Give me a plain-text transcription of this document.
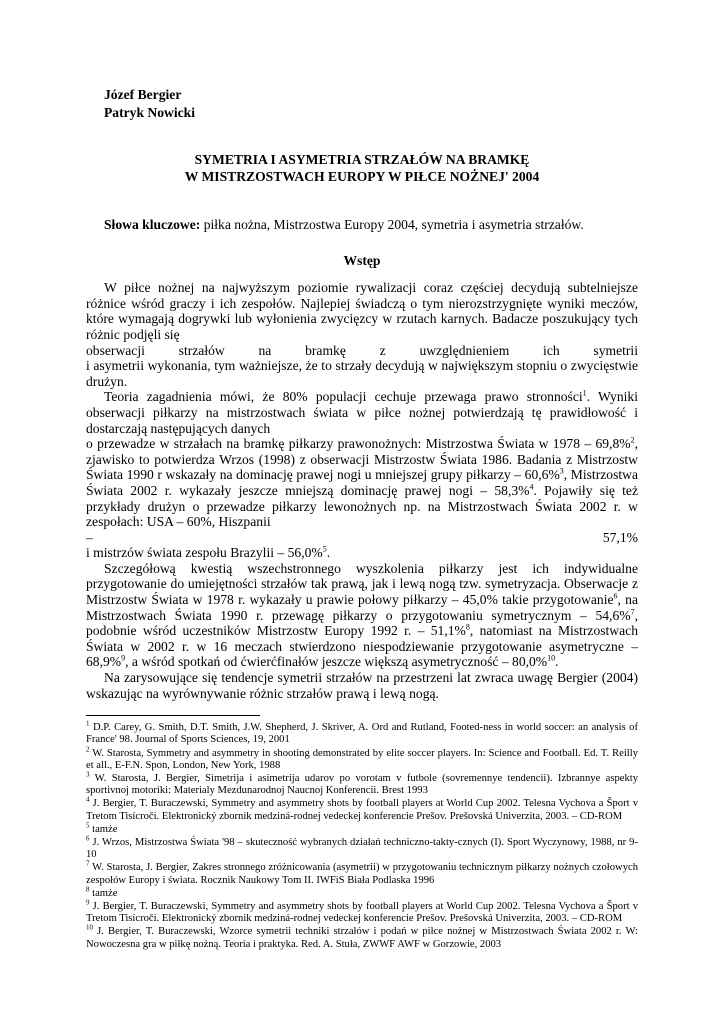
Józef Bergier
Patryk Nowicki
SYMETRIA I ASYMETRIA STRZAŁÓW NA BRAMKĘ
W MISTRZOSTWACH EUROPY W PIŁCE NOŻNEJ' 2004
Słowa kluczowe: piłka nożna, Mistrzostwa Europy 2004, symetria i asymetria strzałów.
Wstęp

W piłce nożnej na najwyższym poziomie rywalizacji coraz częściej decydują subtelniejsze różnice wśród graczy i ich zespołów. Najlepiej świadczą o tym nierozstrzygnięte wyniki meczów, które wymagają dogrywki lub wyłonienia zwycięzcy w rzutach karnych. Badacze poszukujący tych różnic podjęli się

obserwacji strzałów na bramkę z uwzględnieniem ich symetrii

i asymetrii wykonania, tym ważniejsze, że to strzały decydują w największym stopniu o zwycięstwie drużyn.

Teoria zagadnienia mówi, że 80% populacji cechuje przewaga prawo stronności$^1$. Wyniki obserwacji piłkarzy na mistrzostwach świata w piłce nożnej potwierdzają tę prawidłowość i dostarczają następujących danych

o przewadze w strzałach na bramkę piłkarzy prawonożnych: Mistrzostwa Świata w 1978 – 69,8%$^2$, zjawisko to potwierdza Wrzos (1998) z obserwacji Mistrzostw Świata 1986. Badania z Mistrzostw Świata 1990 r wskazały na dominację prawej nogi u mniejszej grupy piłkarzy – 60,6%$^3$, Mistrzostwa Świata 2002 r. wykazały jeszcze mniejszą dominację prawej nogi – 58,3%$^4$. Pojawiły się też przykłady drużyn o przewadze piłkarzy lewonożnych np. na Mistrzostwach Świata 2002 r. w zespołach: USA – 60%, Hiszpanii

–	57,1%

i mistrzów świata zespołu Brazylii – 56,0%$^5$.

Szczegółową kwestią wszechstronnego wyszkolenia piłkarzy jest ich indywidualne przygotowanie do umiejętności strzałów tak prawą, jak i lewą nogą tzw. symetryzacja. Obserwacje z Mistrzostw Świata w 1978 r. wykazały u prawie połowy piłkarzy – 45,0% takie przygotowanie$^6$, na Mistrzostwach Świata 1990 r. przewagę piłkarzy o przygotowaniu symetrycznym – 54,6%$^7$, podobnie wśród uczestników Mistrzostw Europy 1992 r. – 51,1%$^8$, natomiast na Mistrzostwach Świata w 2002 r. w 16 meczach stwierdzono niespodziewanie przygotowanie asymetryczne – 68,9%$^9$, a wśród spotkań od ćwierćfinałów jeszcze większą asymetryczność – 80,0%$^{10}$.

Na zarysowujące się tendencje symetrii strzałów na przestrzeni lat zwraca uwagę Bergier (2004) wskazując na wyrównywanie różnic strzałów prawą i lewą nogą.

$^1$ D.P. Carey, G. Smith, D.T. Smith, J.W. Shepherd, J. Skriver, A. Ord and Rutland, Footed-ness in world soccer: an analysis of France' 98. Journal of Sports Sciences, 19, 2001

$^2$ W. Starosta, Symmetry and asymmetry in shooting demonstrated by elite soccer players. In: Science and Football. Ed. T. Reilly et all., E-F.N. Spon, London, New York, 1988

$^3$ W. Starosta, J. Bergier, Simetrija i asimetrija udarov po vorotam v futbole (sovremennye tendencii). Izbrannye aspekty sportivnoj motoriki: Materialy Mezdunarodnoj Naucnoj Konferencii. Brest 1993

$^4$ J. Bergier, T. Buraczewski, Symmetry and asymmetry shots by football players at World Cup 2002. Telesna Vychova a Šport v Tretom Tisícročí. Elektronický zbornik medziná-rodnej vedeckej konferencie Prešov. Prešovská Univerzita, 2003. – CD-ROM

$^5$ tamże

$^6$ J. Wrzos, Mistrzostwa Świata '98 – skuteczność wybranych działań techniczno-takty-cznych (I). Sport Wyczynowy, 1988, nr 9-10

$^7$ W. Starosta, J. Bergier, Zakres stronnego zróżnicowania (asymetrii) w przygotowaniu technicznym piłkarzy nożnych czołowych zespołów Europy i świata. Rocznik Naukowy Tom II. IWFiS Biała Podlaska 1996

$^8$ tamże

$^9$ J. Bergier, T. Buraczewski, Symmetry and asymmetry shots by football players at World Cup 2002. Telesna Vychova a Šport v Tretom Tisícročí. Elektronický zbornik medziná-rodnej vedeckej konferencie Prešov. Prešovská Univerzita, 2003. – CD-ROM

$^{10}$ J. Bergier, T. Buraczewski, Wzorce symetrii techniki strzałów i podań w piłce nożnej w Mistrzostwach Świata 2002 r. W: Nowoczesna gra w piłkę nożną. Teoria i praktyka. Red. A. Stuła, ZWWF AWF w Gorzowie, 2003
